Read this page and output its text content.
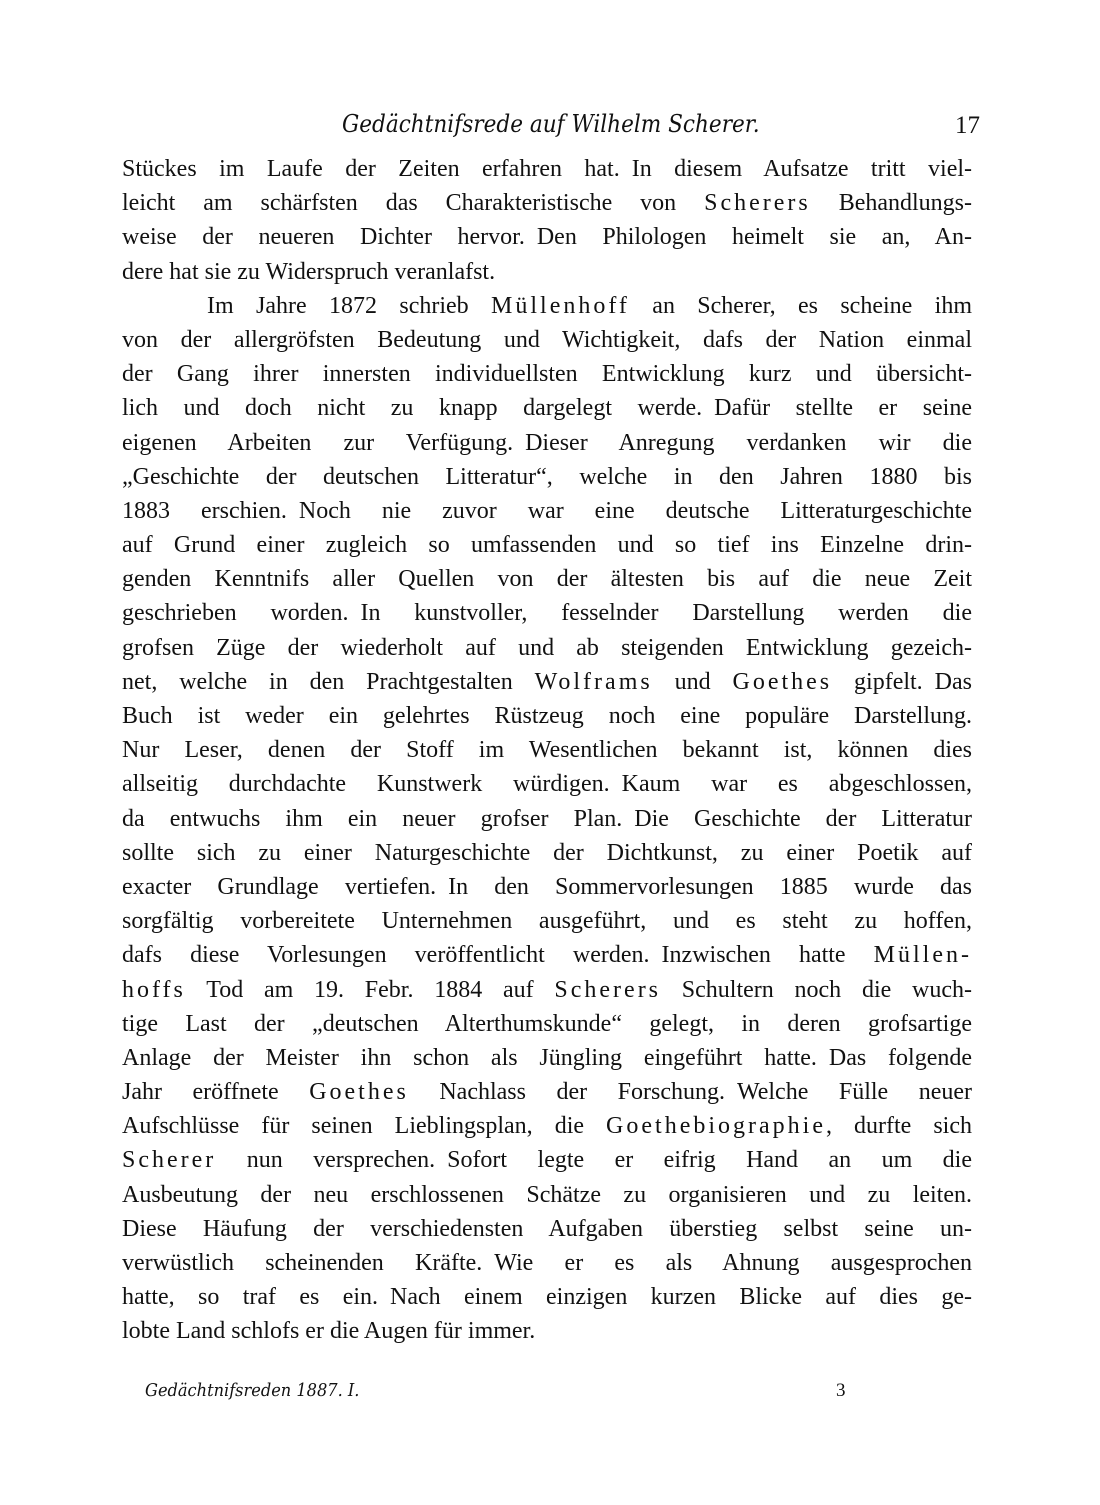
Gedächtnifsrede auf Wilhelm Scherer.	17
Stückes im Laufe der Zeiten erfahren hat. In diesem Aufsatze tritt viel-
leicht am schärfsten das Charakteristische von Scherers Behandlungs-
weise der neueren Dichter hervor. Den Philologen heimelt sie an, An-
dere hat sie zu Widerspruch veranlafst.
Im Jahre 1872 schrieb Müllenhoff an Scherer, es scheine ihm
von der allergröfsten Bedeutung und Wichtigkeit, dafs der Nation einmal
der Gang ihrer innersten individuellsten Entwicklung kurz und übersicht-
lich und doch nicht zu knapp dargelegt werde. Dafür stellte er seine
eigenen Arbeiten zur Verfügung. Dieser Anregung verdanken wir die
„Geschichte der deutschen Litteratur“, welche in den Jahren 1880 bis
1883 erschien. Noch nie zuvor war eine deutsche Litteraturgeschichte
auf Grund einer zugleich so umfassenden und so tief ins Einzelne drin-
genden Kenntnifs aller Quellen von der ältesten bis auf die neue Zeit
geschrieben worden. In kunstvoller, fesselnder Darstellung werden die
grofsen Züge der wiederholt auf und ab steigenden Entwicklung gezeich-
net, welche in den Prachtgestalten Wolframs und Goethes gipfelt. Das
Buch ist weder ein gelehrtes Rüstzeug noch eine populäre Darstellung.
Nur Leser, denen der Stoff im Wesentlichen bekannt ist, können dies
allseitig durchdachte Kunstwerk würdigen. Kaum war es abgeschlossen,
da entwuchs ihm ein neuer grofser Plan. Die Geschichte der Litteratur
sollte sich zu einer Naturgeschichte der Dichtkunst, zu einer Poetik auf
exacter Grundlage vertiefen. In den Sommervorlesungen 1885 wurde das
sorgfältig vorbereitete Unternehmen ausgeführt, und es steht zu hoffen,
dafs diese Vorlesungen veröffentlicht werden. Inzwischen hatte Müllen-
hoffs Tod am 19. Febr. 1884 auf Scherers Schultern noch die wuch-
tige Last der „deutschen Alterthumskunde“ gelegt, in deren grofsartige
Anlage der Meister ihn schon als Jüngling eingeführt hatte. Das folgende
Jahr eröffnete Goethes Nachlass der Forschung. Welche Fülle neuer
Aufschlüsse für seinen Lieblingsplan, die Goethebiographie, durfte sich
Scherer nun versprechen. Sofort legte er eifrig Hand an um die
Ausbeutung der neu erschlossenen Schätze zu organisieren und zu leiten.
Diese Häufung der verschiedensten Aufgaben überstieg selbst seine un-
verwüstlich scheinenden Kräfte. Wie er es als Ahnung ausgesprochen
hatte, so traf es ein. Nach einem einzigen kurzen Blicke auf dies ge-
lobte Land schlofs er die Augen für immer.
Gedächtnifsreden 1887. I.	3
